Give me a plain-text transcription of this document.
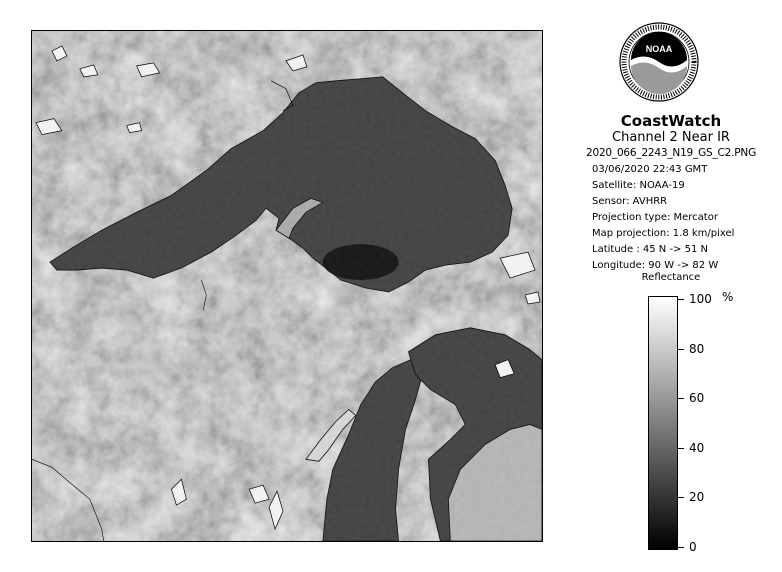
NOAA
CoastWatch
Channel 2 Near IR
2020_066_2243_N19_GS_C2.PNG
03/06/2020 22:43 GMT
Satellite: NOAA-19
Sensor: AVHRR
Projection type: Mercator
Map projection: 1.8 km/pixel
Latitude : 45 N -> 51 N
Longitude: 90 W -> 82 W
Reflectance
100
80
60
40
20
0
%
